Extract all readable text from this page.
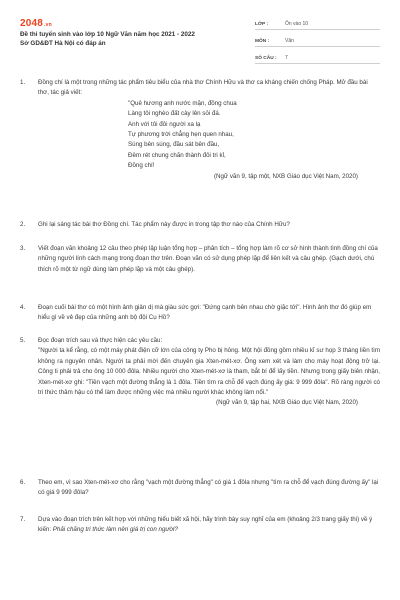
2048.vn
Đề thi tuyển sinh vào lớp 10 Ngữ Văn năm học 2021 - 2022
Sở GD&ĐT Hà Nội có đáp án
LỚP :	Ôn vào 10
MÔN :	Văn
SỐ CÂU : 7
1.	Đồng chí là một trong những tác phẩm tiêu biểu của nhà thơ Chính Hữu và thơ ca kháng chiến chống Pháp. Mở đầu bài thơ, tác giả viết:
"Quê hương anh nước mặn, đồng chua
Làng tôi nghèo đất cày lên sỏi đá.
Anh với tôi đôi người xa lạ
Tự phương trời chẳng hẹn quen nhau,
Súng bên súng, đầu sát bên đầu,
Đêm rét chung chăn thành đôi tri kỉ,
Đồng chí!
(Ngữ văn 9, tập một, NXB Giáo dục Việt Nam, 2020)
2.	Ghi lại sáng tác bài thơ Đồng chí. Tác phẩm này được in trong tập thơ nào của Chính Hữu?
3.	Viết đoạn văn khoảng 12 câu theo phép lập luận tổng hợp – phân tích – tổng hợp làm rõ cơ sở hình thành tình đồng chí của những người lính cách mạng trong đoạn thơ trên. Đoạn văn có sử dụng phép lặp để liên kết và câu ghép. (Gạch dưới, chú thích rõ một từ ngữ dùng làm phép lặp và một câu ghép).
4.	Đoạn cuối bài thơ có một hình ảnh giản dị mà giàu sức gợi: "Đứng cạnh bên nhau chờ giặc tới". Hình ảnh thơ đó giúp em hiểu gì về vẻ đẹp của những anh bộ đội Cụ Hồ?
5.	Đọc đoạn trích sau và thực hiện các yêu cầu:
"Người ta kể rằng, có một máy phát điện cỡ lớn của công ty Pho bị hỏng. Một hội đồng gồm nhiều kĩ sư họp 3 tháng liền tìm không ra nguyên nhân. Người ta phải mời đến chuyên gia Xten-mét-xơ. Ông xem xét và làm cho máy hoạt động trở lại. Công ti phải trả cho ông 10 000 đôla. Nhiều người cho Xten-mét-xơ là tham, bắt bí để lấy tiền. Nhưng trong giấy biên nhận, Xten-mét-xơ ghi: "Tiền vạch một đường thẳng là 1 đôla. Tiền tìm ra chỗ để vạch đúng ấy giá: 9 999 đôla". Rõ ràng người có tri thức thâm hậu có thể làm được những việc mà nhiều người khác không làm nổi."
(Ngữ văn 9, tập hai, NXB Giáo dục Việt Nam, 2020)
6.	Theo em, vì sao Xten-mét-xơ cho rằng "vạch một đường thẳng" có giá 1 đôla nhưng "tìm ra chỗ để vạch đúng đường ấy" lại có giá 9 999 đôla?
7.	Dựa vào đoạn trích trên kết hợp với những hiểu biết xã hội, hãy trình bày suy nghĩ của em (khoảng 2/3 trang giấy thi) về ý kiến: Phải chăng tri thức làm nên giá trị con người?
